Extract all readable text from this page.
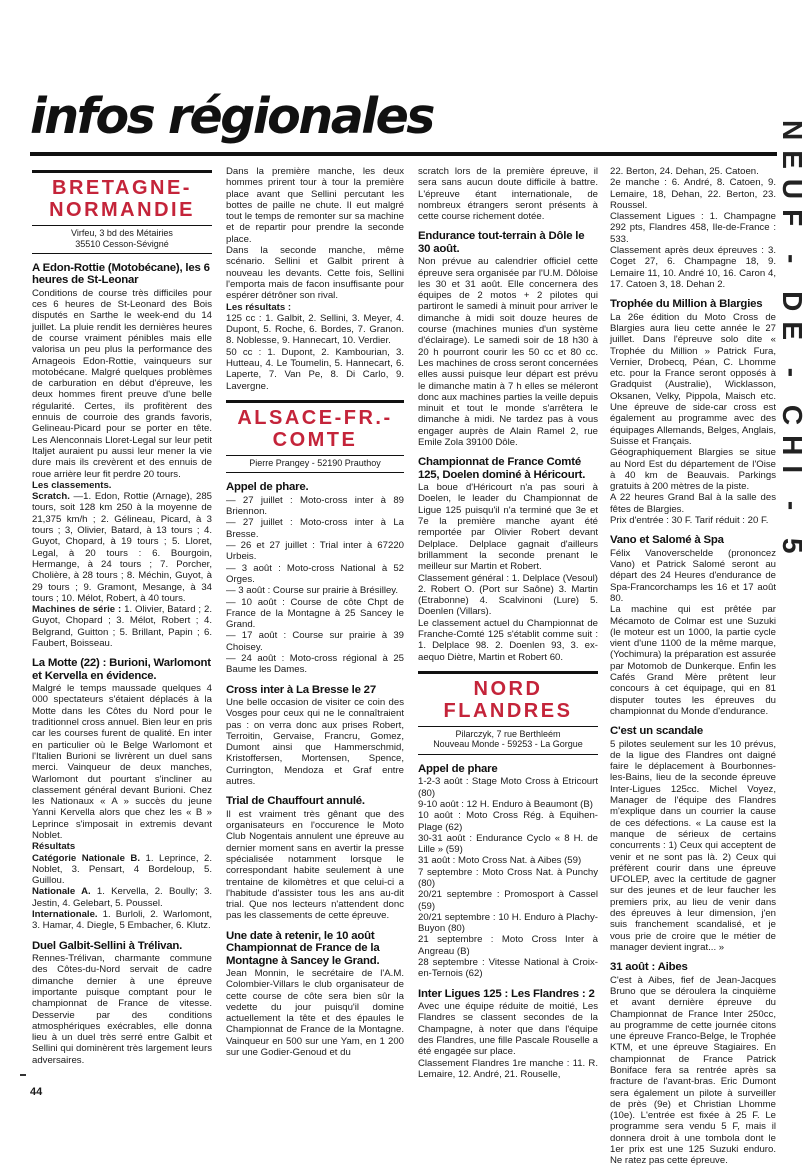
infos régionales
BRETAGNE-NORMANDIE
Virfeu, 3 bd des Métairies
35510 Cesson-Sévigné
A Edon-Rottie (Motobécane), les 6 heures de St-Leonar

Conditions de course très difficiles pour ces 6 heures de St-Leonard des Bois disputés en Sarthe le week-end du 14 juillet. La pluie rendit les dernières heures de course vraiment pénibles mais elle valorisa un peu plus la performance des Arnageois Edon-Rottie, vainqueurs sur motobécane. Malgré quelques problèmes de carburation en début d'épreuve, les deux hommes firent preuve d'une belle régularité. Certes, ils profitèrent des ennuis de courroie des grands favoris, Gelineau-Picard pour se porter en tête. Les Alenconnais Lloret-Legal sur leur petit Italjet auraient pu aussi leur mener la vie dure mais ils crevèrent et des ennuis de roue arrière leur fit perdre 20 tours.

Les classements.

Scratch. —1. Edon, Rottie (Arnage), 285 tours, soit 128 km 250 à la moyenne de 21,375 km/h ; 2. Gélineau, Picard, à 3 tours ; 3, Olivier, Batard, à 13 tours ; 4. Guyot, Chopard, à 19 tours ; 5. Lloret, Legal, à 20 tours : 6. Bourgoin, Hermange, à 24 tours ; 7. Porcher, Cholière, à 28 tours ; 8. Méchin, Guyot, à 29 tours ; 9. Gramont, Mesange, à 34 tours ; 10. Mélot, Robert, à 40 tours.

Machines de série : 1. Olivier, Batard ; 2. Guyot, Chopard ; 3. Mélot, Robert ; 4. Belgrand, Guitton ; 5. Brillant, Papin ; 6. Faubert, Boisseau.

La Motte (22) : Burioni, Warlomont et Kervella en évidence.

Malgré le temps maussade quelques 4 000 spectateurs s'étaient déplacés à la Motte dans les Côtes du Nord pour le traditionnel cross annuel. Bien leur en pris car les courses furent de qualité. En inter en particulier où le Belge Warlomont et l'Italien Burioni se livrèrent un duel sans merci. Vainqueur de deux manches, Warlomont dut pourtant s'incliner au classement général devant Burioni. Chez les Nationaux « A » succès du jeune Yanni Kervella alors que chez les « B » Leprince s'imposait in extremis devant Noblet.

Résultats

Catégorie Nationale B. 1. Leprince, 2. Noblet, 3. Pensart, 4 Bordeloup, 5. Guillou.

Nationale A. 1. Kervella, 2. Boully; 3. Jestin, 4. Gelebart, 5. Poussel.

Internationale. 1. Burloli, 2. Warlomont, 3. Hamar, 4. Diegle, 5 Embacher, 6. Klutz.

Duel Galbit-Sellini à Trélivan.

Rennes-Trélivan, charmante commune des Côtes-du-Nord servait de cadre dimanche dernier à une épreuve importante puisque comptant pour le championnat de France de vitesse. Desservie par des conditions atmosphériques exécrables, elle donna lieu à un duel très serré entre Galbit et Sellini qui dominèrent très largement leurs adversaires.

Dans la première manche, les deux hommes prirent tour à tour la première place avant que Sellini percutant les bottes de paille ne chute. Il eut malgré tout le temps de remonter sur sa machine et de repartir pour prendre la seconde place.

Dans la seconde manche, même scénario. Sellini et Galbit prirent à nouveau les devants. Cette fois, Sellini l'emporta mais de facon insuffisante pour espérer détrôner son rival.

Les résultats :

125 cc : 1. Galbit, 2. Sellini, 3. Meyer, 4. Dupont, 5. Roche, 6. Bordes, 7. Granon. 8. Noblesse, 9. Hannecart, 10. Verdier.

50 cc : 1. Dupont, 2. Kambourian, 3. Hutteau, 4. Le Toumelin, 5. Hannecart, 6. Laperte, 7. Van Pe, 8. Di Carlo, 9. Lavergne.

ALSACE-FR.-COMTE
Pierre Prangey - 52190 Prauthoy
Appel de phare.

— 27 juillet : Moto-cross inter à 89 Briennon.

— 27 juillet : Moto-cross inter à La Bresse.

— 26 et 27 juillet : Trial inter à 67220 Urbeis.

— 3 août : Moto-cross National à 52 Orges.

— 3 août : Course sur prairie à Brésilley.

— 10 août : Course de côte Chpt de France de la Montagne à 25 Sancey le Grand.

— 17 août : Course sur prairie à 39 Choisey.

— 24 août : Moto-cross régional à 25 Baume les Dames.

Cross inter à La Bresse le 27

Une belle occasion de visiter ce coin des Vosges pour ceux qui ne le connaîtraient pas : on verra donc aux prises Robert, Terroitin, Gervaise, Francru, Gomez, Dumont ainsi que Hammerschmid, Kristoffersen, Mortensen, Spence, Currington, Mendoza et Graf entre autres.

Trial de Chauffourt annulé.

Il est vraiment très gênant que des organisateurs en l'occurence le Moto Club Nogentais annulent une épreuve au dernier moment sans en avertir la presse spécialisée notamment lorsque le correspondant habite seulement à une trentaine de kilomètres et que celui-ci a l'habitude d'assister tous les ans au-dit trial. Que nos lecteurs n'attendent donc pas les classements de cette épreuve.

Une date à retenir, le 10 août Championnat de France de la Montagne à Sancey le Grand.

Jean Monnin, le secrétaire de l'A.M. Colombier-Villars le club organisateur de cette course de côte sera bien sûr la vedette du jour puisqu'il domine actuellement la tête et des épaules le Championnat de France de la Montagne. Vainqueur en 500 sur une Yam, en 1 200 sur une Godier-Genoud et du

scratch lors de la première épreuve, il sera sans aucun doute difficile à battre. L'épreuve étant internationale, de nombreux étrangers seront présents à cette course richement dotée.

Endurance tout-terrain à Dôle le 30 août.

Non prévue au calendrier officiel cette épreuve sera organisée par l'U.M. Dôloise les 30 et 31 août. Elle concernera des équipes de 2 motos + 2 pilotes qui partiront le samedi à minuit pour arriver le dimanche à midi soit douze heures de course (machines munies d'un système d'éclairage). Le samedi soir de 18 h30 à 20 h pourront courir les 50 cc et 80 cc. Les machines de cross seront concernées elles aussi puisque leur départ est prévu le dimanche matin à 7 h elles se méleront donc aux machines parties la veille depuis minuit et tout le monde s'arrêtera le dimanche à midi. Ne tardez pas à vous engager auprès de Alain Ramel 2, rue Emile Zola 39100 Dôle.

Championnat de France Comté 125, Doelen dominé à Héricourt.

La boue d'Héricourt n'a pas souri à Doelen, le leader du Championnat de Ligue 125 puisqu'il n'a terminé que 3e et 7e la première manche ayant été remportée par Olivier Robert devant Delplace. Delplace gagnait d'ailleurs brillamment la seconde prenant le meilleur sur Martin et Robert.

Classement général : 1. Delplace (Vesoul) 2. Robert O. (Port sur Saône) 3. Martin (Etrabonne) 4. Scalvinoni (Lure) 5. Doenlen (Villars).

Le classement actuel du Championnat de Franche-Comté 125 s'établit comme suit : 1. Delplace 98. 2. Doenlen 93, 3. ex-aequo Diètre, Martin et Robert 60.

NORD FLANDRES
Pilarczyk, 7 rue Berthleém
Nouveau Monde - 59253 - La Gorgue
Appel de phare

1-2-3 août : Stage Moto Cross à Etricourt (80)

9-10 août : 12 H. Enduro à Beaumont (B)

10 août : Moto Cross Rég. à Equihen-Plage (62)

30-31 août : Endurance Cyclo « 8 H. de Lille » (59)

31 août : Moto Cross Nat. à Aibes (59)

7 septembre : Moto Cross Nat. à Punchy (80)

20/21 septembre : Promosport à Cassel (59)

20/21 septembre : 10 H. Enduro à Plachy-Buyon (80)

21 septembre : Moto Cross Inter à Angreau (B)

28 septembre : Vitesse National à Croix-en-Ternois (62)

Inter Ligues 125 : Les Flandres : 2

Avec une équipe réduite de moitié, Les Flandres se classent secondes de la Champagne, à noter que dans l'équipe des Flandres, une fille Pascale Rouselle a été engagée sur place.

Classement Flandres 1re manche : 11. R. Lemaire, 12. André, 21. Rouselle,

22. Berton, 24. Dehan, 25. Catoen.

2e manche : 6. André, 8. Catoen, 9. Lemaire, 18, Dehan, 22. Berton, 23. Roussel.

Classement Ligues : 1. Champagne 292 pts, Flandres 458, Ile-de-France : 533.

Classement après deux épreuves : 3. Coget 27, 6. Champagne 18, 9. Lemaire 11, 10. André 10, 16. Caron 4, 17. Catoen 3, 18. Dehan 2.

Trophée du Million à Blargies

La 26e édition du Moto Cross de Blargies aura lieu cette année le 27 juillet. Dans l'épreuve solo dite « Trophée du Million » Patrick Fura, Vernier, Drobecq, Péan, C. Lhomme etc. pour la France seront opposés à Gradquist (Australie), Wicklasson, Oksanen, Velky, Pippola, Maisch etc. Une épreuve de side-car cross est également au programme avec des équipages Allemands, Belges, Anglais, Suisse et Français.

Géographiquement Blargies se situe au Nord Est du département de l'Oise à 40 km de Beauvais. Parkings gratuits à 200 mètres de la piste.

A 22 heures Grand Bal à la salle des fêtes de Blargies.

Prix d'entrée : 30 F. Tarif réduit : 20 F.

Vano et Salomé à Spa

Félix Vanoverschelde (prononcez Vano) et Patrick Salomé seront au départ des 24 Heures d'endurance de Spa-Francorchamps les 16 et 17 août 80.

La machine qui est prêtée par Mécamoto de Colmar est une Suzuki (le moteur est un 1000, la partie cycle vient d'une 1100 de la même marque, (Yochimura) la préparation est assurée par Motomob de Dunkerque. Enfin les Cafés Grand Mère prêtent leur concours à cet équipage, qui en 81 disputer toutes les épreuves du championnat du Monde d'endurance.

C'est un scandale

5 pilotes seulement sur les 10 prévus, de la ligue des Flandres ont daigné faire le déplacement à Bourbonnes-les-Bains, lieu de la seconde épreuve Inter-Ligues 125cc. Michel Voyez, Manager de l'équipe des Flandres m'explique dans un courrier la cause de ces défections. « La cause est la manque de sérieux de certains concurrents : 1) Ceux qui acceptent de venir et ne sont pas là. 2) Ceux qui préfèrent courir dans une épreuve UFOLEP, avec la certitude de gagner sur des jeunes et de leur faucher les premiers prix, au lieu de venir dans des épreuves à leur dimension, j'en suis franchement scandalisé, et je vous prie de croire que le métier de manager devient ingrat... »

31 août : Aibes

C'est à Aibes, fief de Jean-Jacques Bruno que se déroulera la cinquième et avant dernière épreuve du Championnat de France Inter 250cc, au programme de cette journée citons une épreuve Franco-Belge, le Trophée KTM, et une épreuve Stagiaires. En championnat de France Patrick Boniface fera sa rentrée après sa fracture de l'avant-bras. Eric Dumont sera également un pilote à surveiller de près (9e) et Christian Lhomme (10e). L'entrée est fixée à 25 F. Le programme sera vendu 5 F, mais il donnera droit à une tombola dont le 1er prix est une 125 Suzuki enduro. Ne ratez pas cette épreuve.

44
NEUF - DE - CHI - 5
